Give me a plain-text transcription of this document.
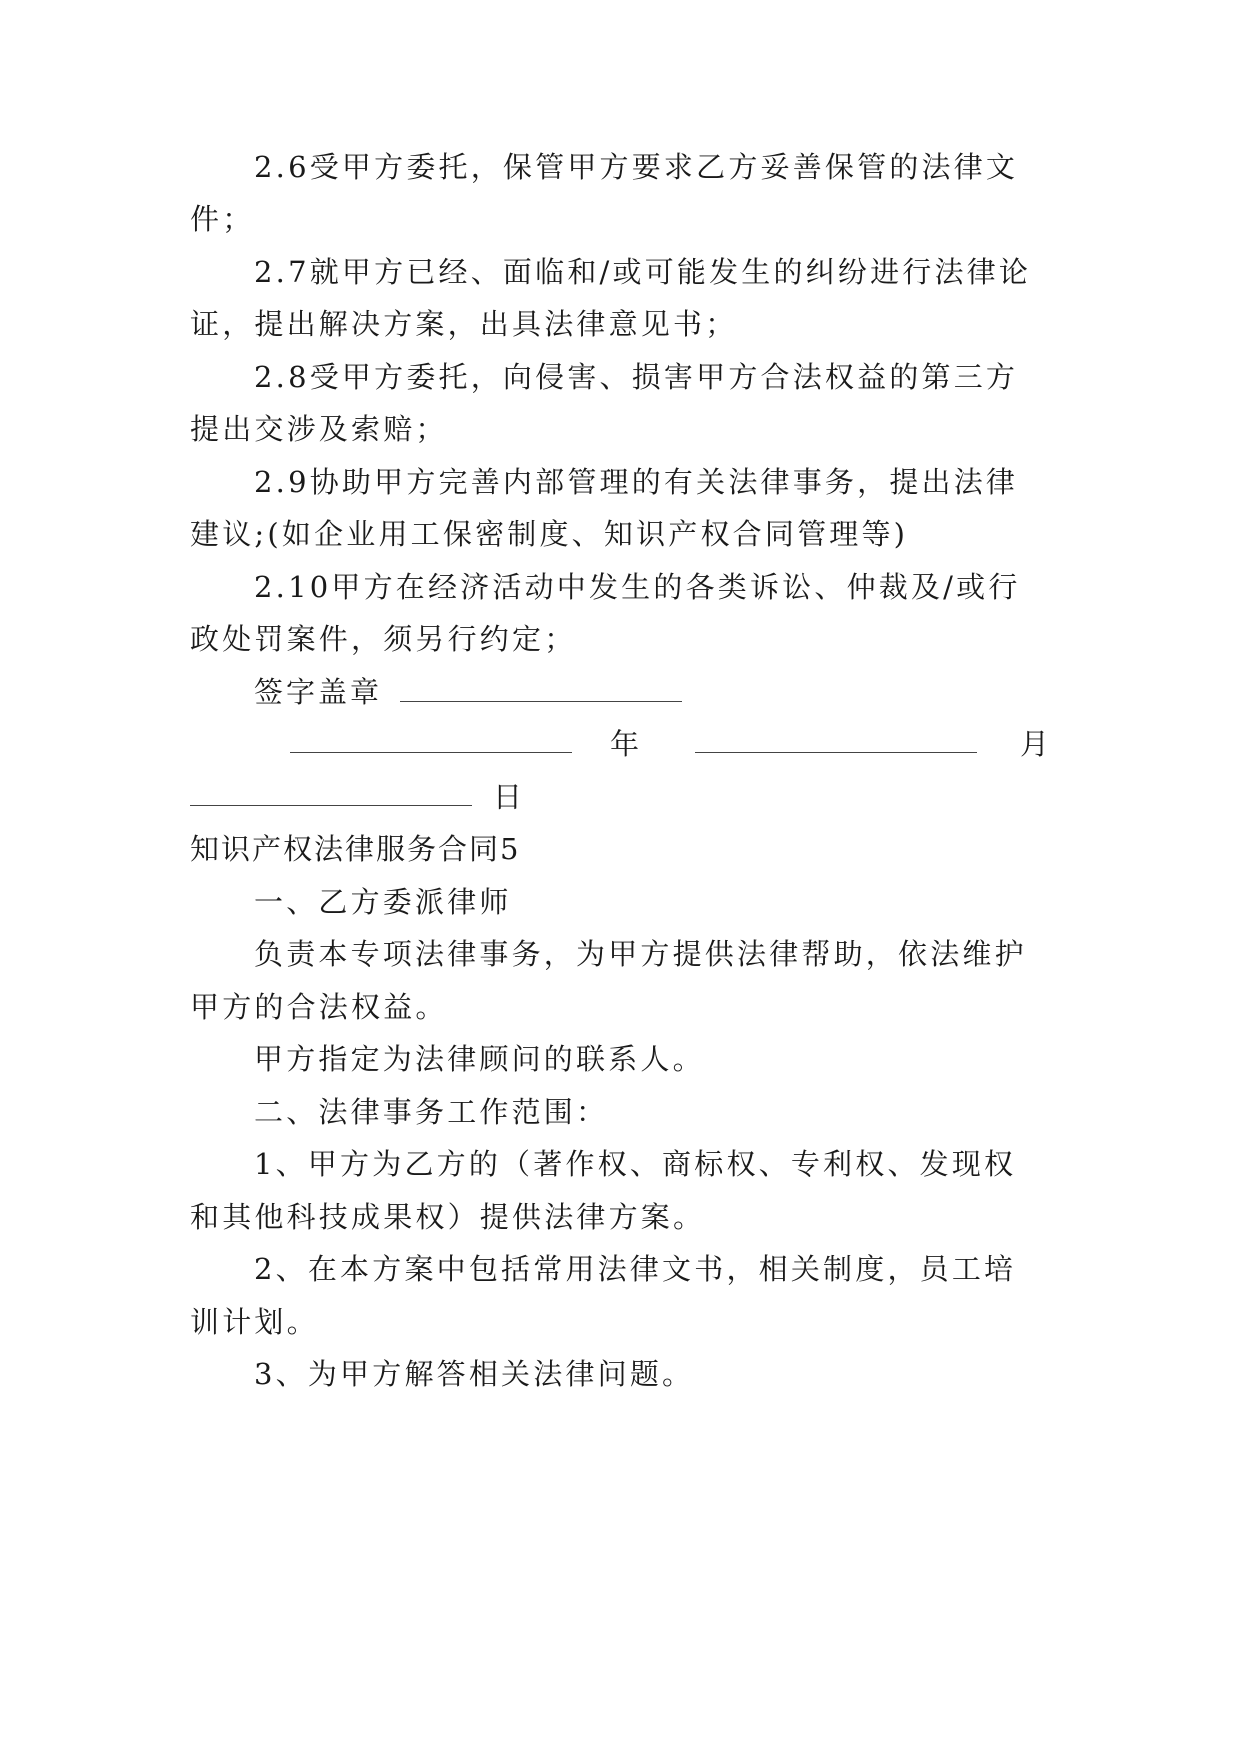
2.6受甲方委托，保管甲方要求乙方妥善保管的法律文
件；
2.7就甲方已经、面临和/或可能发生的纠纷进行法律论
证，提出解决方案，出具法律意见书；
2.8受甲方委托，向侵害、损害甲方合法权益的第三方
提出交涉及索赔；
2.9协助甲方完善内部管理的有关法律事务，提出法律
建议;(如企业用工保密制度、知识产权合同管理等)
2.10甲方在经济活动中发生的各类诉讼、仲裁及/或行
政处罚案件，须另行约定；
签字盖章
年	月
日
知识产权法律服务合同5
一、乙方委派律师
负责本专项法律事务，为甲方提供法律帮助，依法维护
甲方的合法权益。
甲方指定为法律顾问的联系人。
二、法律事务工作范围：
1、甲方为乙方的（著作权、商标权、专利权、发现权
和其他科技成果权）提供法律方案。
2、在本方案中包括常用法律文书，相关制度，员工培
训计划。
3、为甲方解答相关法律问题。
